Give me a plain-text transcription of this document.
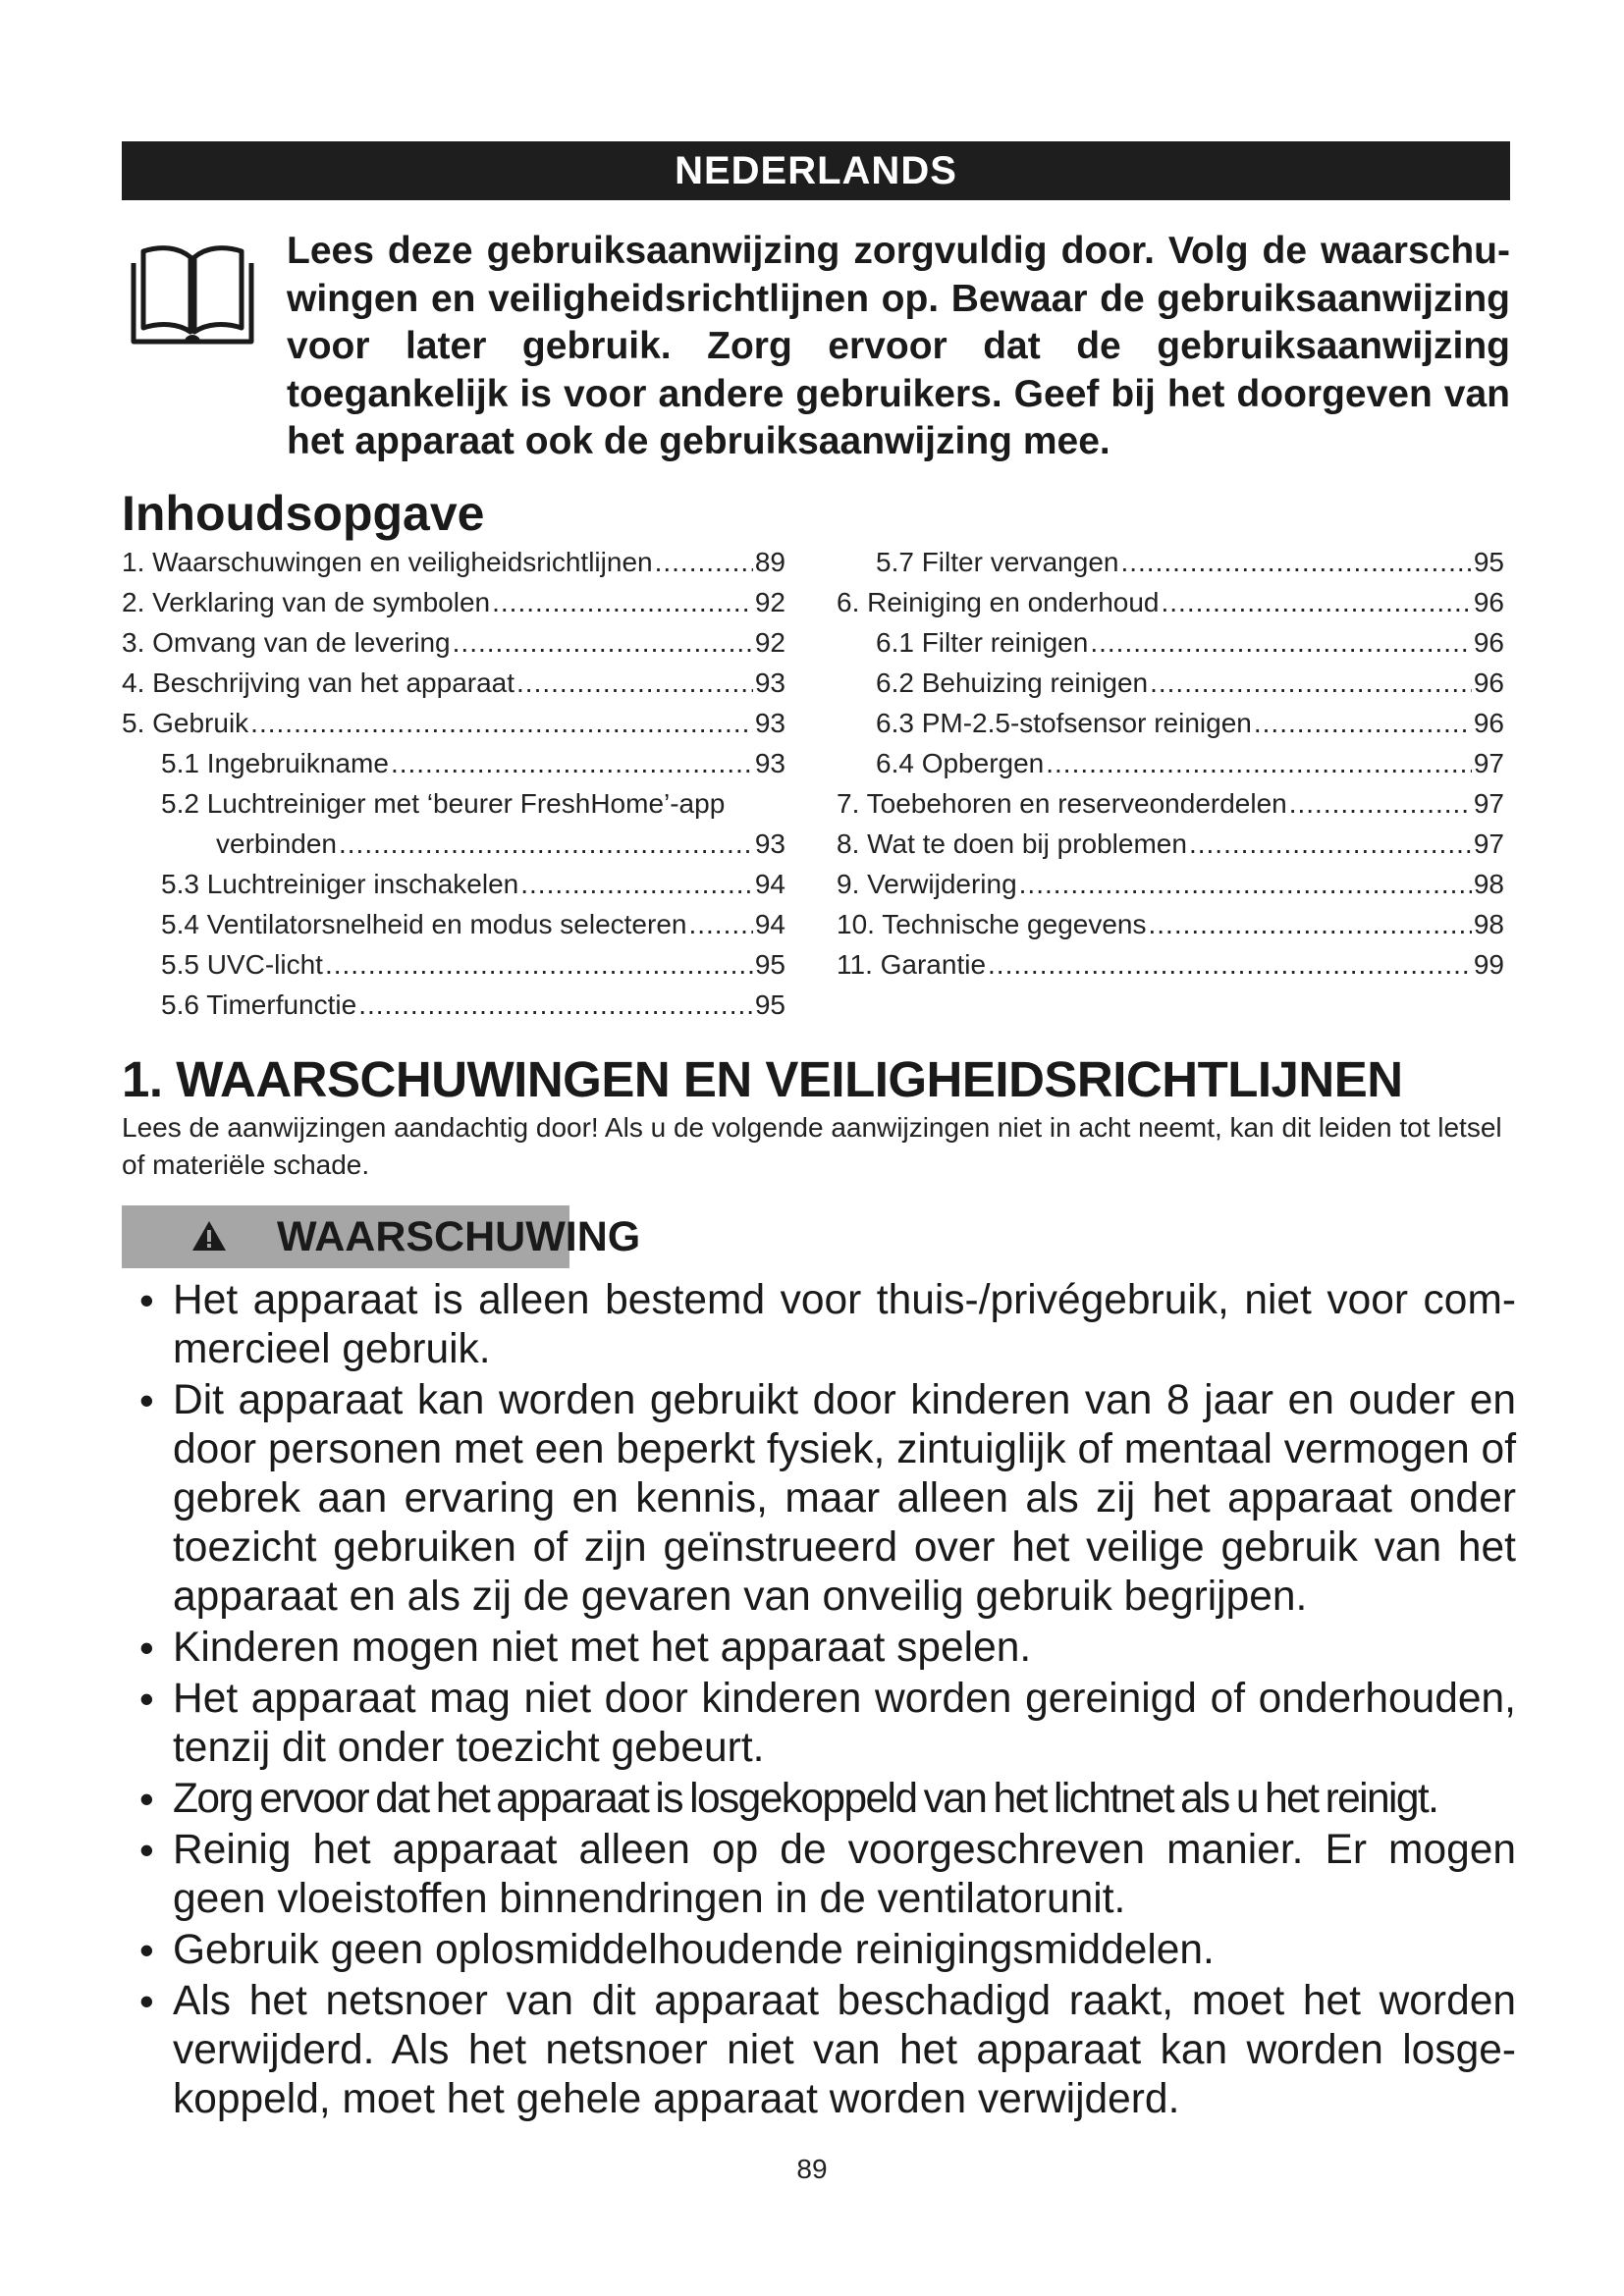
NEDERLANDS
Lees deze gebruiksaanwijzing zorgvuldig door. Volg de waarschuwingen en veiligheidsrichtlijnen op. Bewaar de gebruiksaanwijzing voor later gebruik. Zorg ervoor dat de gebruiksaanwijzing toegankelijk is voor andere gebruikers. Geef bij het doorgeven van het apparaat ook de gebruiksaanwijzing mee.
Inhoudsopgave
1. Waarschuwingen en veiligheidsrichtlijnen .....	89
2. Verklaring van de symbolen .....	92
3. Omvang van de levering .....	92
4. Beschrijving van het apparaat .....	93
5. Gebruik .....	93
5.1 Ingebruikname .....	93
5.2 Luchtreiniger met ‘beurer FreshHome’-app
verbinden .....	93
5.3 Luchtreiniger inschakelen .....	94
5.4 Ventilatorsnelheid en modus selecteren ..... 94
5.5 UVC-licht .....	95
5.6 Timerfunctie .....	95
5.7 Filter vervangen .....	95
6. Reiniging en onderhoud .....	96
6.1 Filter reinigen .....	96
6.2 Behuizing reinigen .....	96
6.3 PM-2.5-stofsensor reinigen .....	96
6.4 Opbergen .....	97
7. Toebehoren en reserveonderdelen .....	97
8. Wat te doen bij problemen .....	97
9. Verwijdering .....	98
10. Technische gegevens .....	98
11. Garantie .....	99
1. WAARSCHUWINGEN EN VEILIGHEIDSRICHTLIJNEN
Lees de aanwijzingen aandachtig door! Als u de volgende aanwijzingen niet in acht neemt, kan dit leiden tot letsel of materiële schade.
WAARSCHUWING
• Het apparaat is alleen bestemd voor thuis-/privégebruik, niet voor commercieel gebruik.
• Dit apparaat kan worden gebruikt door kinderen van 8 jaar en ouder en door personen met een beperkt fysiek, zintuiglijk of mentaal vermogen of gebrek aan ervaring en kennis, maar alleen als zij het apparaat onder toezicht gebruiken of zijn geïnstrueerd over het veilige gebruik van het apparaat en als zij de gevaren van onveilig gebruik begrijpen.
• Kinderen mogen niet met het apparaat spelen.
• Het apparaat mag niet door kinderen worden gereinigd of onderhouden, tenzij dit onder toezicht gebeurt.
• Zorg ervoor dat het apparaat is losgekoppeld van het lichtnet als u het reinigt.
• Reinig het apparaat alleen op de voorgeschreven manier. Er mogen geen vloeistoffen binnendringen in de ventilatorunit.
• Gebruik geen oplosmiddelhoudende reinigingsmiddelen.
• Als het netsnoer van dit apparaat beschadigd raakt, moet het worden verwijderd. Als het netsnoer niet van het apparaat kan worden losgekoppeld, moet het gehele apparaat worden verwijderd.
89
